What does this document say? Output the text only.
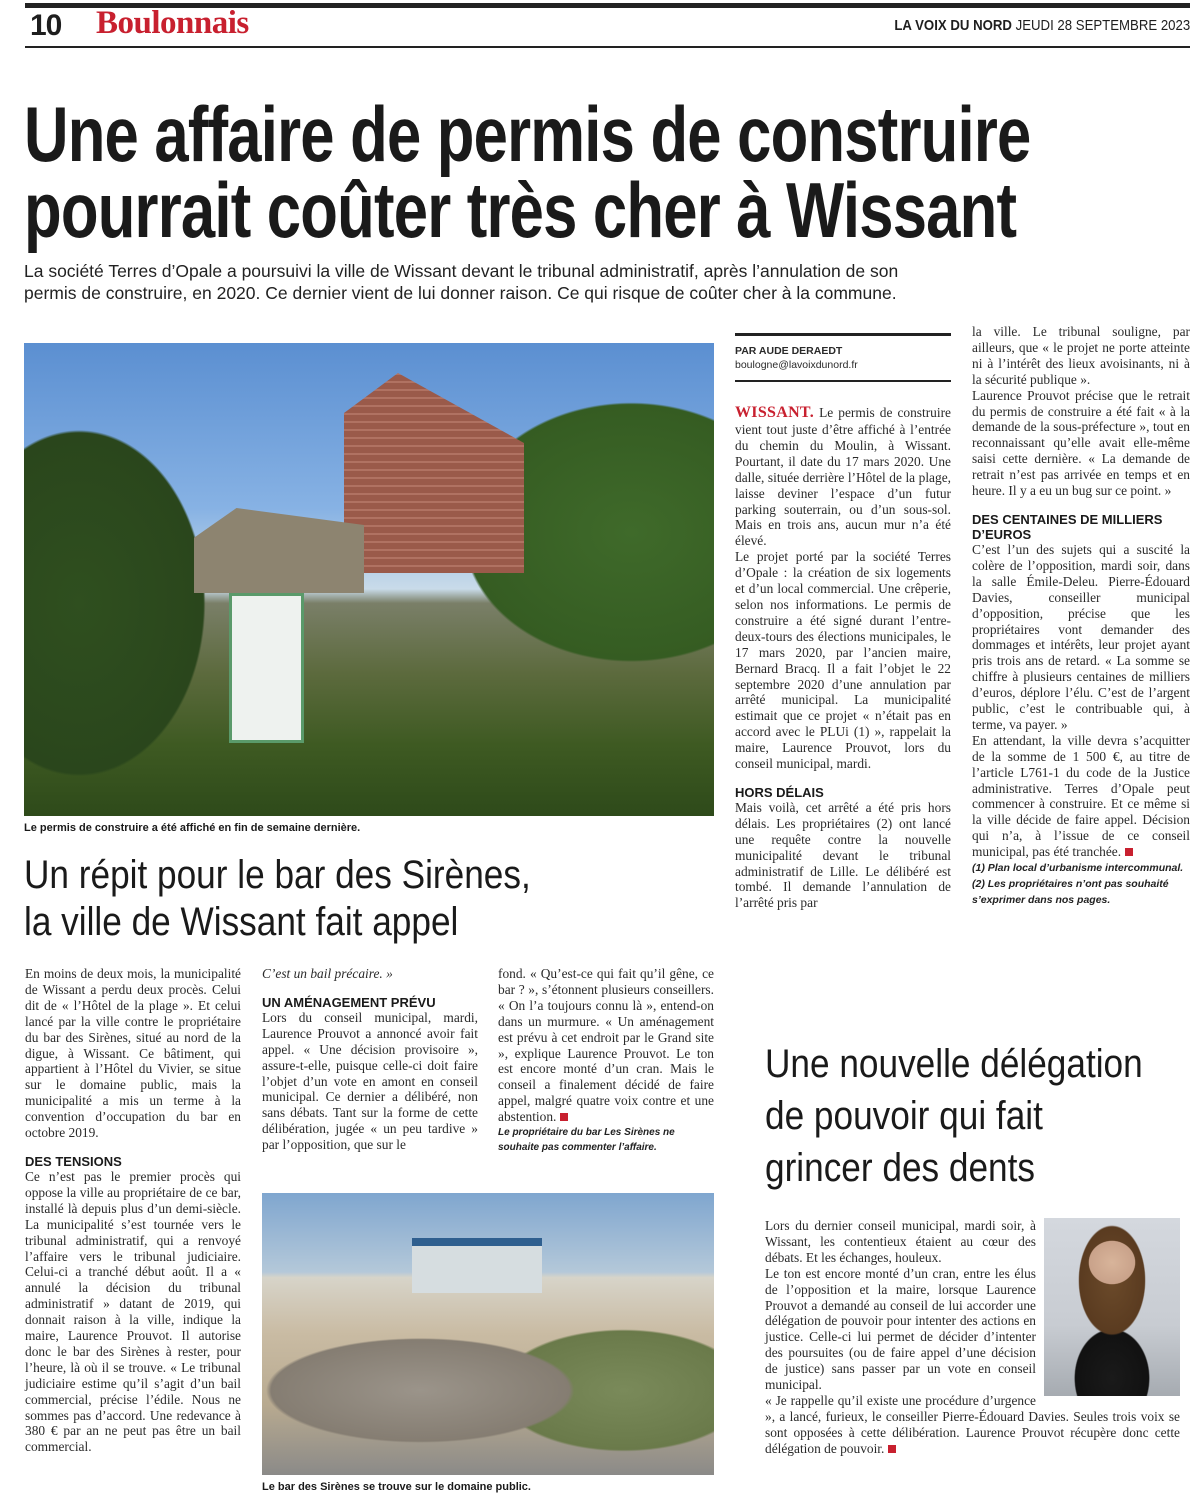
10 Boulonnais	LA VOIX DU NORD JEUDI 28 SEPTEMBRE 2023
Une affaire de permis de construire
pourrait coûter très cher à Wissant
La société Terres d’Opale a poursuivi la ville de Wissant devant le tribunal administratif, après l’annulation de son permis de construire, en 2020. Ce dernier vient de lui donner raison. Ce qui risque de coûter cher à la commune.
Le permis de construire a été affiché en fin de semaine dernière.
PAR AUDE DERAEDT
boulogne@lavoixdunord.fr

WISSANT. Le permis de construire vient tout juste d’être affiché à l’entrée du chemin du Moulin, à Wissant. Pourtant, il date du 17 mars 2020. Une dalle, située derrière l’Hôtel de la plage, laisse deviner l’espace d’un futur parking souterrain, ou d’un sous-sol. Mais en trois ans, aucun mur n’a été élevé.

Le projet porté par la société Terres d’Opale : la création de six logements et d’un local commercial. Une crêperie, selon nos informations. Le permis de construire a été signé durant l’entre-deux-tours des élections municipales, le 17 mars 2020, par l’ancien maire, Bernard Bracq. Il a fait l’objet le 22 septembre 2020 d’une annulation par arrêté municipal. La municipalité estimait que ce projet « n’était pas en accord avec le PLUi (1) », rappelait la maire, Laurence Prouvot, lors du conseil municipal, mardi.

HORS DÉLAIS

Mais voilà, cet arrêté a été pris hors délais. Les propriétaires (2) ont lancé une requête contre la nouvelle municipalité devant le tribunal administratif de Lille. Le délibéré est tombé. Il demande l’annulation de l’arrêté pris par

la ville. Le tribunal souligne, par ailleurs, que « le projet ne porte atteinte ni à l’intérêt des lieux avoisinants, ni à la sécurité publique ».

Laurence Prouvot précise que le retrait du permis de construire a été fait « à la demande de la sous-préfecture », tout en reconnaissant qu’elle avait elle-même saisi cette dernière. « La demande de retrait n’est pas arrivée en temps et en heure. Il y a eu un bug sur ce point. »

DES CENTAINES DE MILLIERS D’EUROS

C’est l’un des sujets qui a suscité la colère de l’opposition, mardi soir, dans la salle Émile-Deleu. Pierre-Édouard Davies, conseiller municipal d’opposition, précise que les propriétaires vont demander des dommages et intérêts, leur projet ayant pris trois ans de retard. « La somme se chiffre à plusieurs centaines de milliers d’euros, déplore l’élu. C’est de l’argent public, c’est le contribuable qui, à terme, va payer. »

En attendant, la ville devra s’acquitter de la somme de 1 500 €, au titre de l’article L761-1 du code de la Justice administrative. Terres d’Opale peut commencer à construire. Et ce même si la ville décide de faire appel. Décision qui n’a, à l’issue de ce conseil municipal, pas été tranchée.

(1) Plan local d’urbanisme intercommunal.

(2) Les propriétaires n’ont pas souhaité s’exprimer dans nos pages.

Un répit pour le bar des Sirènes,
la ville de Wissant fait appel

En moins de deux mois, la municipalité de Wissant a perdu deux procès. Celui dit de « l’Hôtel de la plage ». Et celui lancé par la ville contre le propriétaire du bar des Sirènes, situé au nord de la digue, à Wissant. Ce bâtiment, qui appartient à l’Hôtel du Vivier, se situe sur le domaine public, mais la municipalité a mis un terme à la convention d’occupation du bar en octobre 2019.

DES TENSIONS

Ce n’est pas le premier procès qui oppose la ville au propriétaire de ce bar, installé là depuis plus d’un demi-siècle. La municipalité s’est tournée vers le tribunal administratif, qui a renvoyé l’affaire vers le tribunal judiciaire. Celui-ci a tranché début août. Il a « annulé la décision du tribunal administratif » datant de 2019, qui donnait raison à la ville, indique la maire, Laurence Prouvot. Il autorise donc le bar des Sirènes à rester, pour l’heure, là où il se trouve. « Le tribunal judiciaire estime qu’il s’agit d’un bail commercial, précise l’édile. Nous ne sommes pas d’accord. Une redevance à 380 € par an ne peut pas être un bail commercial.

C’est un bail précaire. »

UN AMÉNAGEMENT PRÉVU

Lors du conseil municipal, mardi, Laurence Prouvot a annoncé avoir fait appel. « Une décision provisoire », assure-t-elle, puisque celle-ci doit faire l’objet d’un vote en amont en conseil municipal. Ce dernier a délibéré, non sans débats. Tant sur la forme de cette délibération, jugée « un peu tardive » par l’opposition, que sur le

fond. « Qu’est-ce qui fait qu’il gêne, ce bar ? », s’étonnent plusieurs conseillers. « On l’a toujours connu là », entend-on dans un murmure. « Un aménagement est prévu à cet endroit par le Grand site », explique Laurence Prouvot. Le ton est encore monté d’un cran. Mais le conseil a finalement décidé de faire appel, malgré quatre voix contre et une abstention.

Le propriétaire du bar Les Sirènes ne souhaite pas commenter l’affaire.

Le bar des Sirènes se trouve sur le domaine public.
Une nouvelle délégation
de pouvoir qui fait
grincer des dents

Lors du dernier conseil municipal, mardi soir, à Wissant, les contentieux étaient au cœur des débats. Et les échanges, houleux.

Le ton est encore monté d’un cran, entre les élus de l’opposition et la maire, lorsque Laurence Prouvot a demandé au conseil de lui accorder une délégation de pouvoir pour intenter des actions en justice. Celle-ci lui permet de décider d’intenter des poursuites (ou de faire appel d’une décision de justice) sans passer par un vote en conseil municipal.

« Je rappelle qu’il existe une procédure d’urgence », a lancé, furieux, le conseiller Pierre-Édouard Davies. Seules trois voix se sont opposées à cette délibération. Laurence Prouvot récupère donc cette délégation de pouvoir.
